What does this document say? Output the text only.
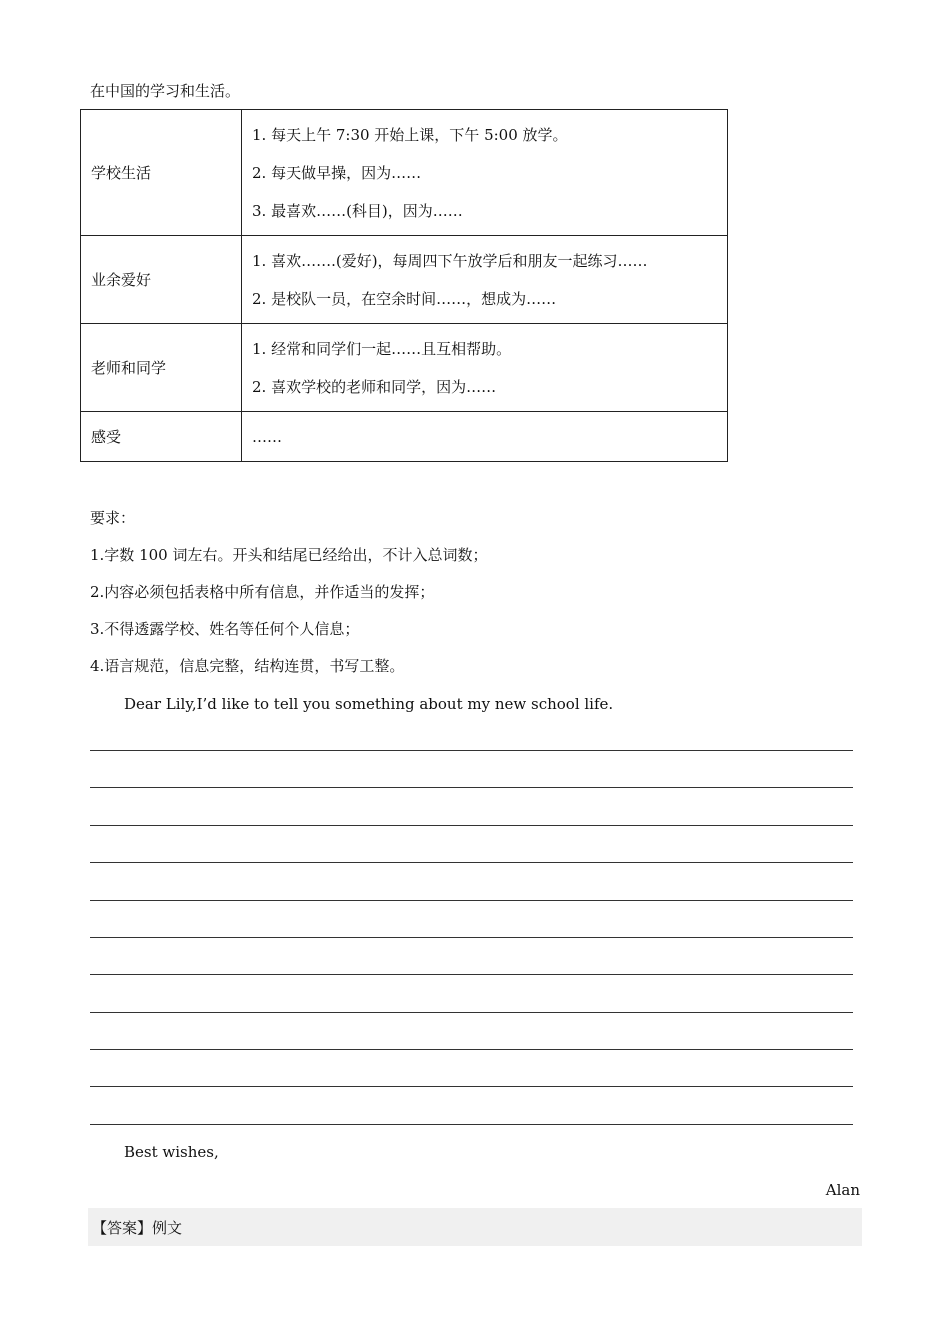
在中国的学习和生活。
学校生活	1. 每天上午 7:30 开始上课，下午 5:00 放学。
2. 每天做早操，因为……
3. 最喜欢……(科目)，因为……

业余爱好	1. 喜欢…….(爱好)，每周四下午放学后和朋友一起练习……
2. 是校队一员，在空余时间……，想成为……

老师和同学	1. 经常和同学们一起……且互相帮助。
2. 喜欢学校的老师和同学，因为……

感受	……
要求：
1.字数 100 词左右。开头和结尾已经给出，不计入总词数；
2.内容必须包括表格中所有信息，并作适当的发挥；
3.不得透露学校、姓名等任何个人信息；
4.语言规范，信息完整，结构连贯，书写工整。
Dear Lily,I’d like to tell you something about my new school life.
Best wishes,
Alan
【答案】例文
